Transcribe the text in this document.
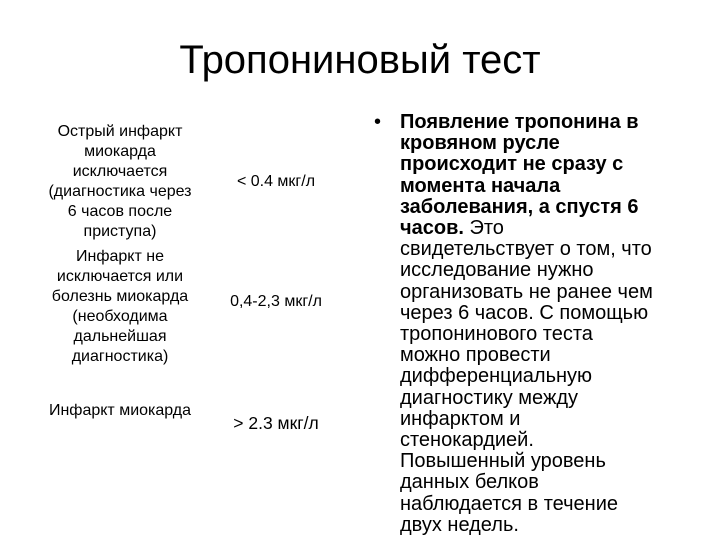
Тропониновый тест
Острый инфаркт
миокарда
исключается
(диагностика через
6 часов после
приступа)
< 0.4 мкг/л
Инфаркт не
исключается или
болезнь миокарда
(необходима
дальнейшая
диагностика)
0,4-2,3 мкг/л
Инфаркт миокарда
> 2.3 мкг/л
• Появление тропонина в
кровяном русле
происходит не сразу с
момента начала
заболевания, а спустя 6
часов. Это
свидетельствует о том, что
исследование нужно
организовать не ранее чем
через 6 часов. С помощью
тропонинового теста
можно провести
дифференциальную
диагностику между
инфарктом и
стенокардией.
Повышенный уровень
данных белков
наблюдается в течение
двух недель.
